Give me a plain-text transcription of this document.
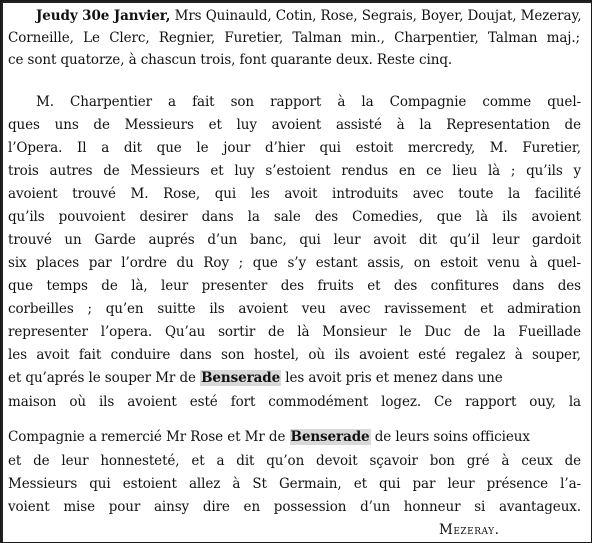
Jeudy 30e Janvier, Mrs Quinauld, Cotin, Rose, Segrais, Boyer, Doujat, Mezeray,
Corneille, Le Clerc, Regnier, Furetier, Talman min., Charpentier, Talman maj.;
ce sont quatorze, à chascun trois, font quarante deux. Reste cinq.
M. Charpentier a fait son rapport à la Compagnie comme quel-
ques uns de Messieurs et luy avoient assisté à la Representation de
l’Opera. Il a dit que le jour d’hier qui estoit mercredy, M. Furetier,
trois autres de Messieurs et luy s’estoient rendus en ce lieu là ; qu’ils y
avoient trouvé M. Rose, qui les avoit introduits avec toute la facilité
qu’ils pouvoient desirer dans la sale des Comedies, que là ils avoient
trouvé un Garde auprés d’un banc, qui leur avoit dit qu’il leur gardoit
six places par l’ordre du Roy ; que s’y estant assis, on estoit venu à quel-
que temps de là, leur presenter des fruits et des confitures dans des
corbeilles ; qu’en suitte ils avoient veu avec ravissement et admiration
representer l’opera. Qu’au sortir de là Monsieur le Duc de la Fueillade
les avoit fait conduire dans son hostel, où ils avoient esté regalez à souper,
et qu’aprés le souper Mr de Benserade les avoit pris et menez dans une
maison où ils avoient esté fort commodément logez. Ce rapport ouy, la
Compagnie a remercié Mr Rose et Mr de Benserade de leurs soins officieux
et de leur honnesteté, et a dit qu’on devoit sçavoir bon gré à ceux de
Messieurs qui estoient allez à St Germain, et qui par leur présence l’a-
voient mise pour ainsy dire en possession d’un honneur si avantageux.
Mezeray.
